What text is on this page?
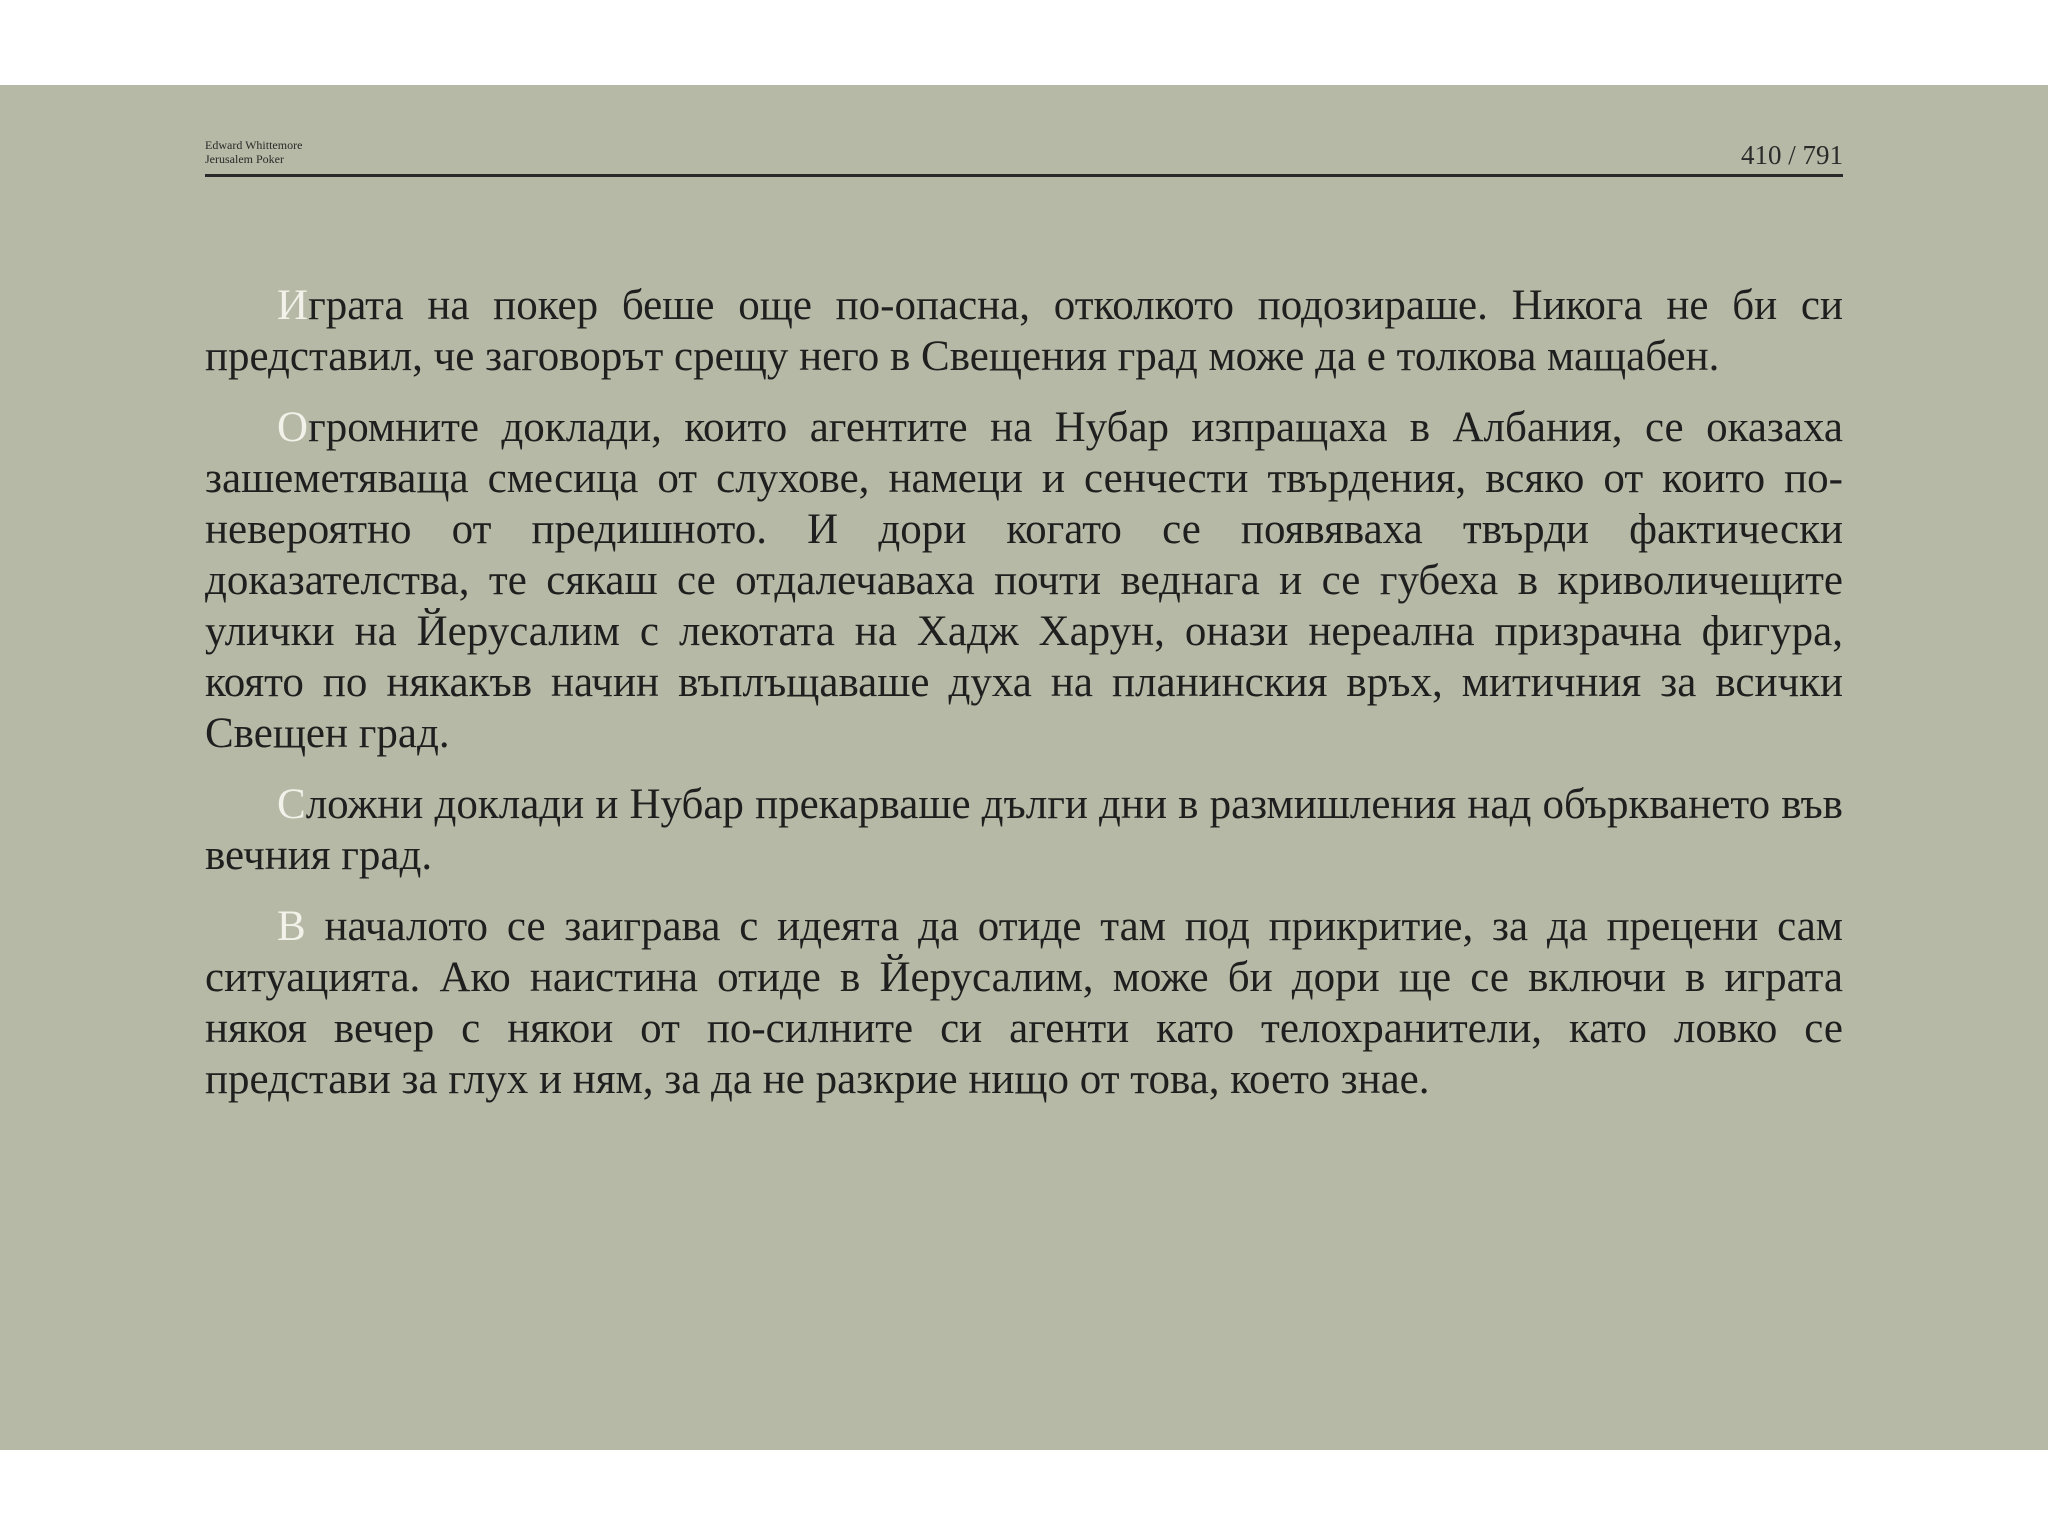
Edward Whittemore
Jerusalem Poker	410 / 791

Играта на покер беше още по-опасна, отколкото подозираше. Никога не би си представил, че заговорът срещу него в Свещения град може да е толкова мащабен.

Огромните доклади, които агентите на Нубар изпращаха в Албания, се оказаха зашеметяваща смесица от слухове, намеци и сенчести твърдения, всяко от които по-невероятно от предишното. И дори когато се появяваха твърди фактически доказателства, те сякаш се отдалечаваха почти веднага и се губеха в криволичещите улички на Йерусалим с лекотата на Хадж Харун, онази нереална призрачна фигура, която по някакъв начин въплъщаваше духа на планинския връх, митичния за всички Свещен град.

Сложни доклади и Нубар прекарваше дълги дни в размишления над объркването във вечния град.

В началото се заиграва с идеята да отиде там под прикритие, за да прецени сам ситуацията. Ако наистина отиде в Йерусалим, може би дори ще се включи в играта някоя вечер с някои от по-силните си агенти като телохранители, като ловко се представи за глух и ням, за да не разкрие нищо от това, което знае.
